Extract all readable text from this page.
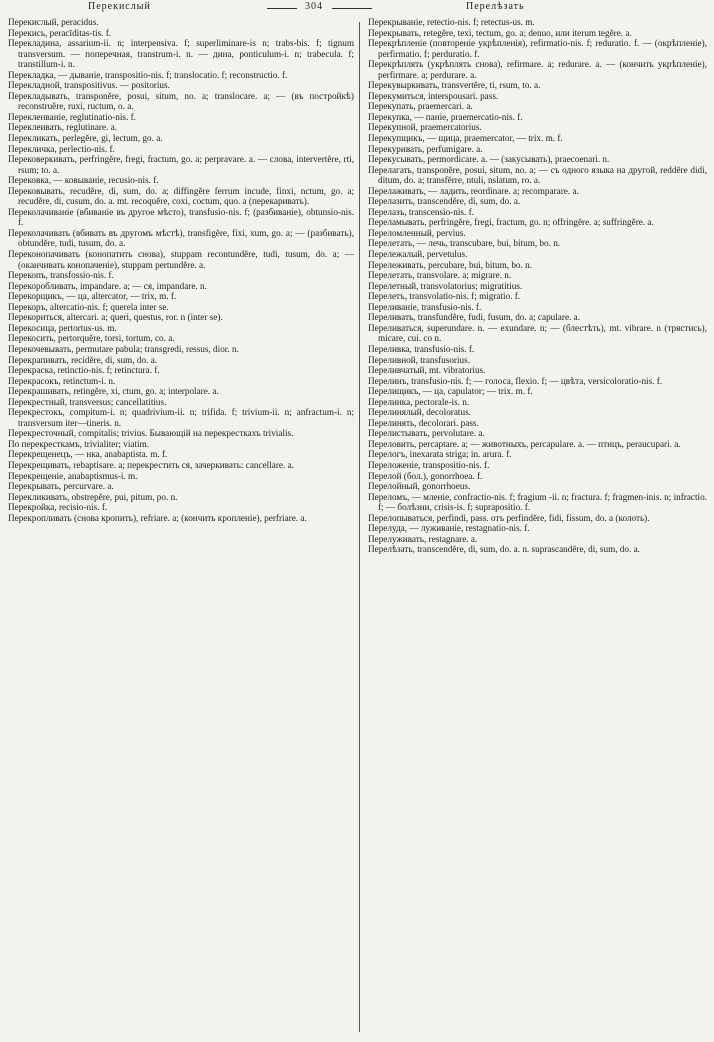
Перекислый	304	Перелѣзать
Перекислый, peracidus.
Перекись, peracīditas-tis. f.
Перекладина, assarium-ii. n; interpensiva. f; superliminare-is n; trabs-bis. f; tignum transversum. — поперечная, transtrum-i. n. — дина, ponticulum-i. n; trabecula. f; transtillum-i. n.
Перекладка, — дыванiе, transpositio-nis. f; translocatio. f; reconstructio. f.
Перекладной, transpositivus. — positorius.
Перекладывать, transponĕre, posui, situm, no. a; translocare. a; — (въ постройкѣ) reconstruĕre, ruxi, ructum, o. a.
Перекленванiе, reglutinatio-nis. f.
Переклеивать, reglutinare. a.
Перекликать, perlegĕre, gi, lectum, go. a.
Перекличка, perlectio-nis. f.
Перековеркивать, perfringĕre, fregi, fractum, go. a; perpravare. a. — слова, intervertĕre, rti, rsum; to. a.
Перековка, — ковыванiе, recusio-nis. f.
Перековывать, recudĕre, di, sum, do. a; diffingĕre ferrum incude, finxi, nctum, go. a; recudĕre, di, cusum, do. a. mt. recoquĕre, coxi, coctum, quo. a (перекаривать).
Переколачиванiе (вбиванiе въ другое мѣсто), transfusio-nis. f; (разбиванiе), obtunsio-nis. f.
Переколачивать (вбивать въ другомъ мѣстѣ), transfigĕre, fixi, xum, go. a; — (разбивать), obtundĕre, tudi, tusum, do. a.
Переконопачивать (конопатить снова), stuppam recontundĕre, tudi, tusum, do. a; — (оканчивать конопаченiе), stuppam pertundĕre. a.
Перекопъ, transfossio-nis. f.
Перекоробливать, impandare. a; — ся, impandare. n.
Перекорщикъ, — ца, altercator, — trix, m. f.
Перекоръ, altercatio-nis. f; querela inter se.
Перекориться, altercari. a; queri, questus, ror. n (inter se).
Перекосица, pertortus-us. m.
Перекосить, pertorquĕre, torsi, tortum, co. a.
Перекочевывать, permutare pabula; transgredi, ressus, dior. n.
Перекрапивать, recidĕre, di, sum, do. a.
Перекраска, retinctio-nis. f; retinctura. f.
Перекрасокъ, retinctum-i. n.
Перекрашивать, retingĕre, xi, ctum, go. a; interpolare. a.
Перекрестный, transversus; cancellatitius.
Перекрестокъ, compitum-i. n; quadrivium-ii. n; trifida. f; trivium-ii. n; anfractum-i. n; transversum iter—tineris. n.
Перекресточный, compitalis; trivius. Бывающiй на перекресткахъ trivialis.
По перекресткамъ, trivialiter; viatim.
Перекрещенецъ, — нка, anabaptista. m. f.
Перекрещивать, rebaptisare. a; перекрестить ся, зачеркивать: cancellare. a.
Перекрещенiе, anabaptismus-i. m.
Перекрывать, percurvare. a.
Перекликивать, obstrepĕre, pui, pitum, po. n.
Перекройка, recisio-nis. f.
Перекропливать (снова кропить), refriare. a; (кончить кропленiе), perfriare. a.
Перекрыванiе, retectio-nis. f; retectus-us. m.
Перекрывать, retegĕre, texi, tectum, go. a; denuo, или iterum tegĕre. a.
Перекрѣпленiе (повторенiе укрѣпленiя), refirmatio-nis. f; reduratio. f. — (окрѣпленiе), perfirmatio. f; perduratio. f.
Перекрѣплять (укрѣплять снова), refirmare. a; redurare. a. — (кончить укрѣпленiе), perfirmare. a; perdurare. a.
Перекувыркивать, transvertĕre, ti, rsum, to. a.
Перекумиться, interspousari. pass.
Перекупать, praemercari. a.
Перекупка, — панiе, praemercatio-nis. f.
Перекупной, praemercatorius.
Перекупщикъ, — щица, praemercator, — trix. m. f.
Перекуривать, perfumigare. a.
Перекусывать, permordicare. a. — (закусывать), praecoenari. n.
Перелагать, transponĕre, posui, situm, no. a; — съ одного языка на другой, reddĕre didi, ditum, do. a; transfĕrre, ntuli, nslatum, ro. a.
Перелаживать, — ладить, reordinare. a; recomparare. a.
Перелазить, transcendĕre, di, sum, do. a.
Перелазъ, transcensio-nis. f.
Переламывать, perfringĕre, fregi, fractum, go. n; offringĕre. a; suffringĕre. a.
Переломленный, pervius.
Перелетать, — лечь, transcubare, bui, bitum, bo. n.
Перележалый, pervetulus.
Перележивать, percubare, bui, bitum, bo. n.
Перелетать, transvolare. a; migrare. n.
Перелетный, transvolatorius; migratitius.
Перелетъ, transvolatio-nis. f; migratio. f.
Переливанiе, transfusio-nis. f.
Переливать, transfundĕre, fudi, fusum, do. a; capulare. a.
Переливаться, superundare. n. — exundare. n; — (блестѣть), mt. vibrare. n (трястись), micare, cui. co n.
Переливка, transfusio-nis. f.
Переливной, transfusorius.
Переливчатый, mt. vibratorius.
Перелинъ, transfusio-nis. f; — голоса, flexio. f; — цвѣта, versicoloratio-nis. f.
Перелищикъ, — ца, capulator; — trix. m. f.
Перелинка, pectorale-is. n.
Перелинялый, decoloratus.
Перелинять, decolorari. pass.
Перелистывать, pervolutare. a.
Переловить, percaptare. a; — животныхъ, percapulare. a. — птицъ, peraucupari. a.
Перелогъ, inexarata striga; in. arura. f.
Переложенiе, transpositio-nis. f.
Перелой (бол.), gonorrhoea. f.
Перелойный, gonorrhoeus.
Переломъ, — мленiе, confractio-nis. f; fragium -ii. n; fractura. f; fragmen-inis. n; infractio. f; — болѣзни, crisis-is. f; suprapositio. f.
Перелопываться, perfindi, pass. отъ perfindĕre, fidi, fissum, do. a (колоть).
Перелуда, — луживанiе, restagnatio-nis. f.
Перелуживать, restagnare. a.
Перелѣзать, transcendĕre, di, sum, do. a. n. suprascandĕre, di, sum, do. a.
